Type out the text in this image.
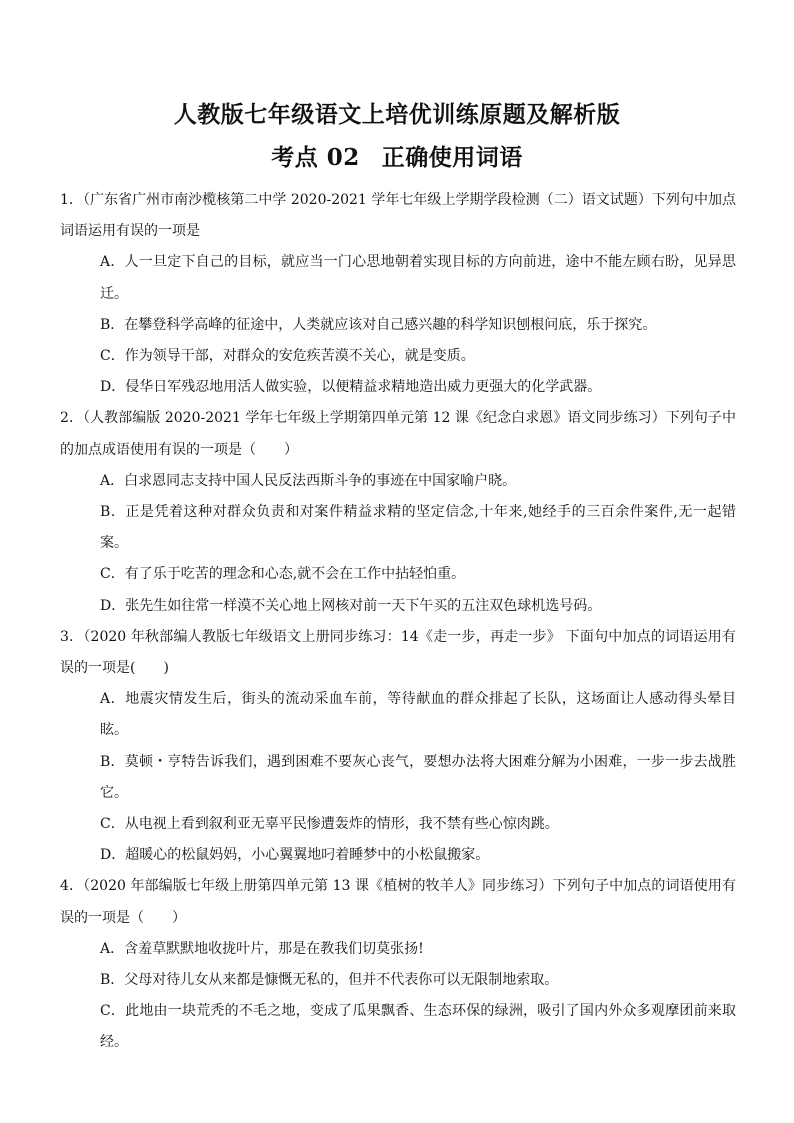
人教版七年级语文上培优训练原题及解析版
考点 02 正确使用词语

1．（广东省广州市南沙榄核第二中学 2020-2021 学年七年级上学期学段检测（二）语文试题）下列句中加点词语运用有误的一项是

A．人一旦定下自己的目标，就应当一门心思地朝着实现目标的方向前进，途中不能左顾右盼，见异思迁。

B．在攀登科学高峰的征途中，人类就应该对自己感兴趣的科学知识刨根问底，乐于探究。

C．作为领导干部，对群众的安危疾苦漠不关心，就是变质。

D．侵华日军残忍地用活人做实验，以便精益求精地造出威力更强大的化学武器。

2．（人教部编版 2020-2021 学年七年级上学期第四单元第 12 课《纪念白求恩》语文同步练习）下列句子中的加点成语使用有误的一项是（　　）

A．白求恩同志支持中国人民反法西斯斗争的事迹在中国家喻户晓。

B．正是凭着这种对群众负责和对案件精益求精的坚定信念,十年来,她经手的三百余件案件,无一起错案。

C．有了乐于吃苦的理念和心态,就不会在工作中拈轻怕重。

D．张先生如往常一样漠不关心地上网核对前一天下午买的五注双色球机选号码。

3．（2020 年秋部编人教版七年级语文上册同步练习：14《走一步，再走一步》 下面句中加点的词语运用有误的一项是(　　)

A．地震灾情发生后，街头的流动采血车前，等待献血的群众排起了长队，这场面让人感动得头晕目眩。

B．莫顿・亨特告诉我们，遇到困难不要灰心丧气，要想办法将大困难分解为小困难，一步一步去战胜它。

C．从电视上看到叙利亚无辜平民惨遭轰炸的情形，我不禁有些心惊肉跳。

D．超暖心的松鼠妈妈，小心翼翼地叼着睡梦中的小松鼠搬家。

4．（2020 年部编版七年级上册第四单元第 13 课《植树的牧羊人》同步练习）下列句子中加点的词语使用有误的一项是（　　）

A．含羞草默默地收拢叶片，那是在教我们切莫张扬!

B．父母对待儿女从来都是慷慨无私的，但并不代表你可以无限制地索取。

C．此地由一块荒秃的不毛之地，变成了瓜果飘香、生态环保的绿洲，吸引了国内外众多观摩团前来取经。
